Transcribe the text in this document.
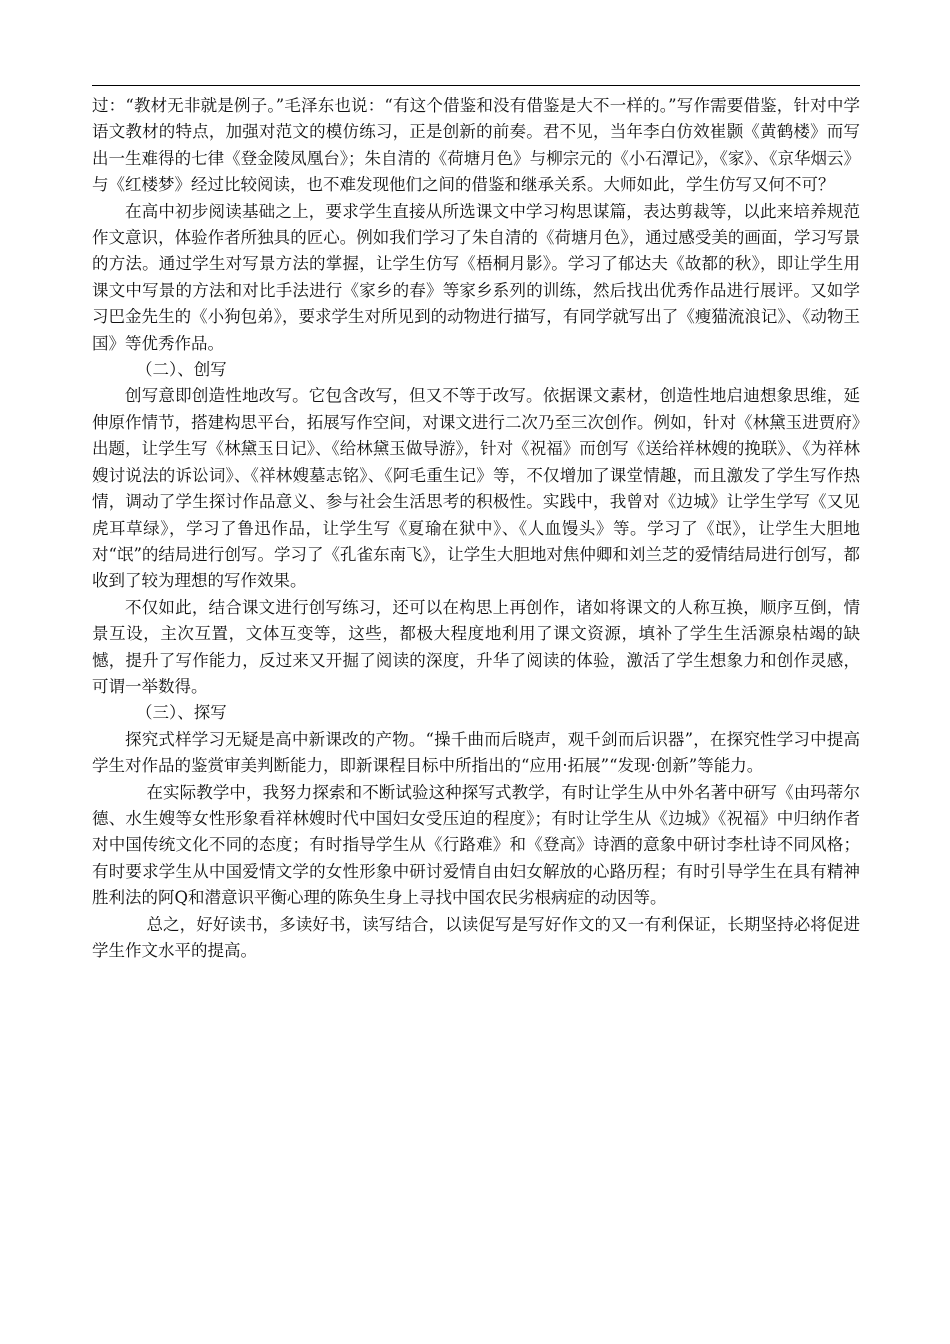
过：“教材无非就是例子。”毛泽东也说：“有这个借鉴和没有借鉴是大不一样的。”写作需要借鉴，针对中学语文教材的特点，加强对范文的模仿练习，正是创新的前奏。君不见，当年李白仿效崔颢《黄鹤楼》而写出一生难得的七律《登金陵凤凰台》；朱自清的《荷塘月色》与柳宗元的《小石潭记》，《家》、《京华烟云》与《红楼梦》经过比较阅读，也不难发现他们之间的借鉴和继承关系。大师如此，学生仿写又何不可？

在高中初步阅读基础之上，要求学生直接从所选课文中学习构思谋篇，表达剪裁等，以此来培养规范作文意识，体验作者所独具的匠心。例如我们学习了朱自清的《荷塘月色》，通过感受美的画面，学习写景的方法。通过学生对写景方法的掌握，让学生仿写《梧桐月影》。学习了郁达夫《故都的秋》，即让学生用课文中写景的方法和对比手法进行《家乡的春》等家乡系列的训练，然后找出优秀作品进行展评。又如学习巴金先生的《小狗包弟》，要求学生对所见到的动物进行描写，有同学就写出了《瘦猫流浪记》、《动物王国》等优秀作品。

（二）、创写

创写意即创造性地改写。它包含改写，但又不等于改写。依据课文素材，创造性地启迪想象思维，延伸原作情节，搭建构思平台，拓展写作空间，对课文进行二次乃至三次创作。例如，针对《林黛玉进贾府》出题，让学生写《林黛玉日记》、《给林黛玉做导游》，针对《祝福》而创写《送给祥林嫂的挽联》、《为祥林嫂讨说法的诉讼词》、《祥林嫂墓志铭》、《阿毛重生记》等，不仅增加了课堂情趣，而且激发了学生写作热情，调动了学生探讨作品意义、参与社会生活思考的积极性。实践中，我曾对《边城》让学生学写《又见虎耳草绿》，学习了鲁迅作品，让学生写《夏瑜在狱中》、《人血馒头》等。学习了《氓》，让学生大胆地对“氓”的结局进行创写。学习了《孔雀东南飞》，让学生大胆地对焦仲卿和刘兰芝的爱情结局进行创写，都收到了较为理想的写作效果。

不仅如此，结合课文进行创写练习，还可以在构思上再创作，诸如将课文的人称互换，顺序互倒，情景互设，主次互置，文体互变等，这些，都极大程度地利用了课文资源，填补了学生生活源泉枯竭的缺憾，提升了写作能力，反过来又开掘了阅读的深度，升华了阅读的体验，激活了学生想象力和创作灵感，可谓一举数得。

（三）、探写

探究式样学习无疑是高中新课改的产物。“操千曲而后晓声，观千剑而后识器”，在探究性学习中提高学生对作品的鉴赏审美判断能力，即新课程目标中所指出的“应用·拓展”“发现·创新”等能力。

在实际教学中，我努力探索和不断试验这种探写式教学，有时让学生从中外名著中研写《由玛蒂尔德、水生嫂等女性形象看祥林嫂时代中国妇女受压迫的程度》；有时让学生从《边城》《祝福》中归纳作者对中国传统文化不同的态度；有时指导学生从《行路难》和《登高》诗酒的意象中研讨李杜诗不同风格；有时要求学生从中国爱情文学的女性形象中研讨爱情自由妇女解放的心路历程；有时引导学生在具有精神胜利法的阿Q和潜意识平衡心理的陈奂生身上寻找中国农民劣根病症的动因等。

总之，好好读书，多读好书，读写结合，以读促写是写好作文的又一有利保证，长期坚持必将促进学生作文水平的提高。
